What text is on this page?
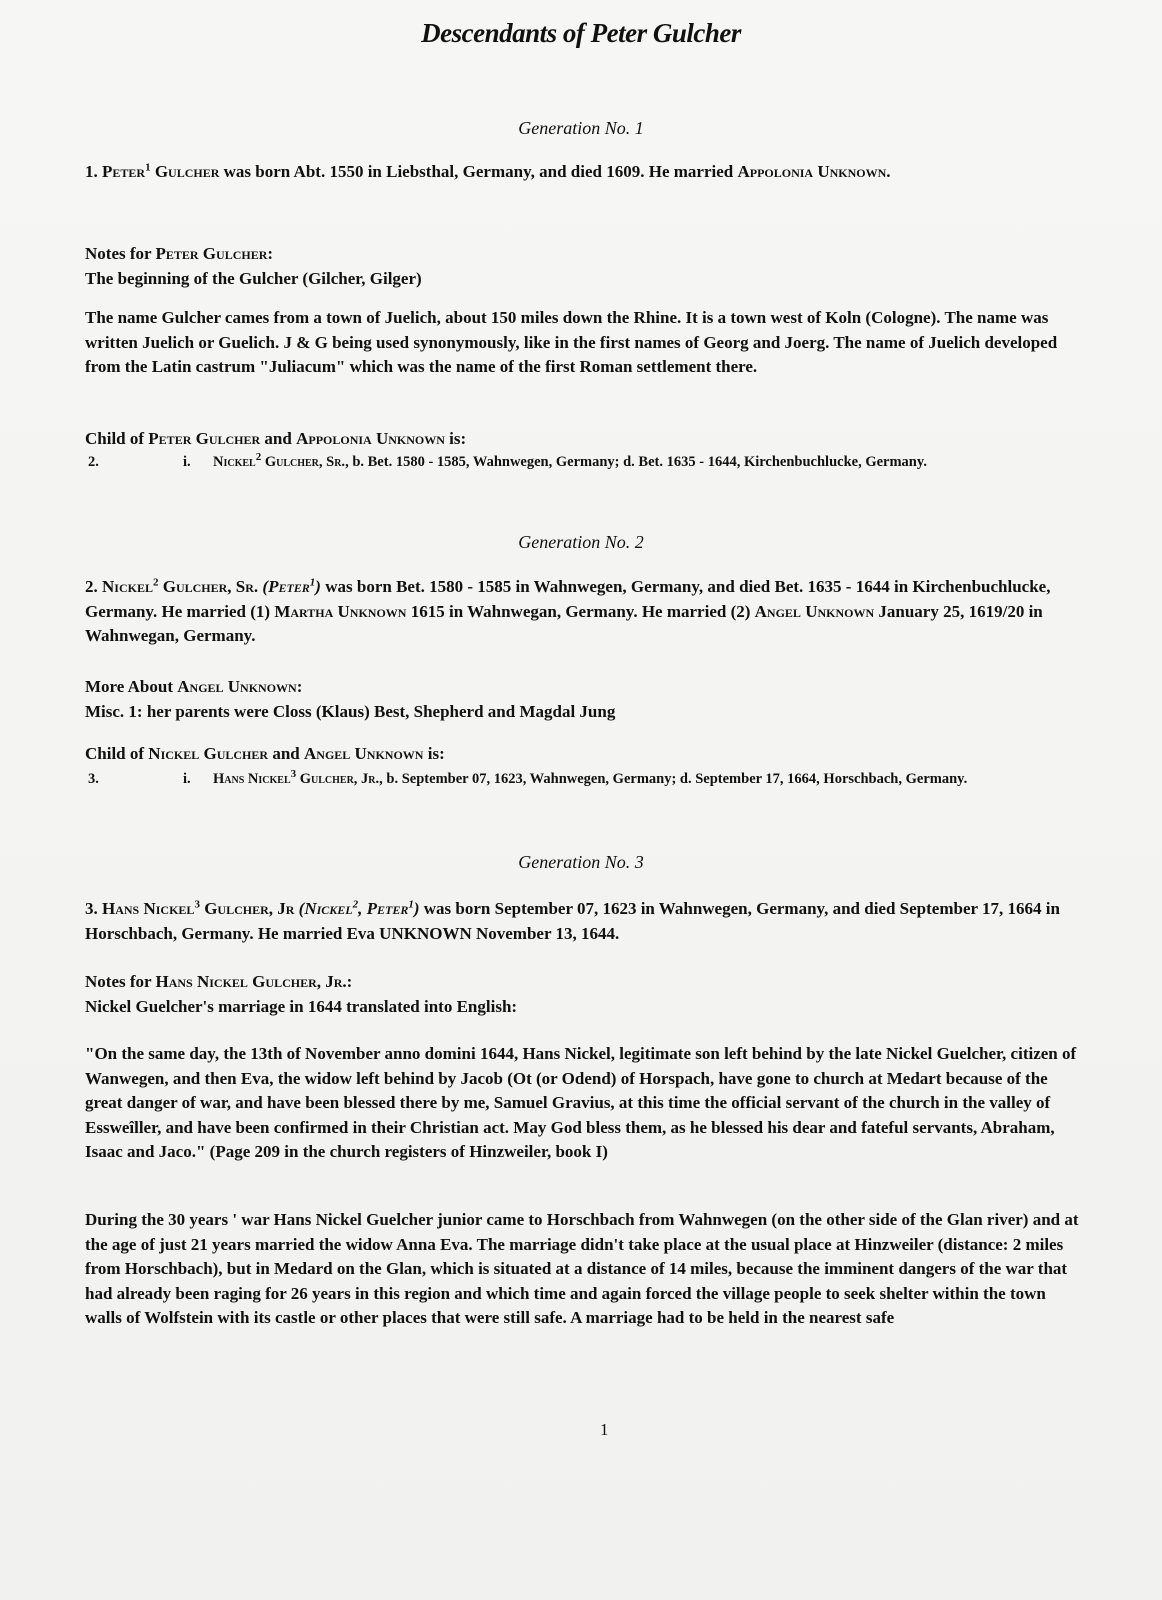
Descendants of Peter Gulcher
Generation No. 1

1. Peter$^1$ Gulcher was born Abt. 1550 in Liebsthal, Germany, and died 1609. He married Appolonia Unknown.

Notes for Peter Gulcher:

The beginning of the Gulcher (Gilcher, Gilger)

The name Gulcher cames from a town of Juelich, about 150 miles down the Rhine. It is a town west of Koln (Cologne). The name was written Juelich or Guelich. J & G being used synonymously, like in the first names of Georg and Joerg. The name of Juelich developed from the Latin castrum "Juliacum" which was the name of the first Roman settlement there.

Child of Peter Gulcher and Appolonia Unknown is:

2.	i. Nickel$^2$ Gulcher, Sr., b. Bet. 1580 - 1585, Wahnwegen, Germany; d. Bet. 1635 - 1644, Kirchenbuchlucke, Germany.
Generation No. 2

2. Nickel$^2$ Gulcher, Sr. (Peter$^1$) was born Bet. 1580 - 1585 in Wahnwegen, Germany, and died Bet. 1635 - 1644 in Kirchenbuchlucke, Germany. He married (1) Martha Unknown 1615 in Wahnwegan, Germany. He married (2) Angel Unknown January 25, 1619/20 in Wahnwegan, Germany.

More About Angel Unknown:

Misc. 1: her parents were Closs (Klaus) Best, Shepherd and Magdal Jung

Child of Nickel Gulcher and Angel Unknown is:

3.	i. Hans Nickel$^3$ Gulcher, Jr., b. September 07, 1623, Wahnwegen, Germany; d. September 17, 1664, Horschbach, Germany.
Generation No. 3

3. Hans Nickel$^3$ Gulcher, Jr (Nickel$^2$, Peter$^1$) was born September 07, 1623 in Wahnwegen, Germany, and died September 17, 1664 in Horschbach, Germany. He married Eva UNKNOWN November 13, 1644.

Notes for Hans Nickel Gulcher, Jr.:

Nickel Guelcher's marriage in 1644 translated into English:

"On the same day, the 13th of November anno domini 1644, Hans Nickel, legitimate son left behind by the late Nickel Guelcher, citizen of Wanwegen, and then Eva, the widow left behind by Jacob (Ot (or Odend) of Horspach, have gone to church at Medart because of the great danger of war, and have been blessed there by me, Samuel Gravius, at this time the official servant of the church in the valley of Essweîller, and have been confirmed in their Christian act. May God bless them, as he blessed his dear and fateful servants, Abraham, Isaac and Jaco." (Page 209 in the church registers of Hinzweiler, book I)
During the 30 years ' war Hans Nickel Guelcher junior came to Horschbach from Wahnwegen (on the other side of the Glan river) and at the age of just 21 years married the widow Anna Eva. The marriage didn't take place at the usual place at Hinzweiler (distance: 2 miles from Horschbach), but in Medard on the Glan, which is situated at a distance of 14 miles, because the imminent dangers of the war that had already been raging for 26 years in this region and which time and again forced the village people to seek shelter within the town walls of Wolfstein with its castle or other places that were still safe. A marriage had to be held in the nearest safe
1
